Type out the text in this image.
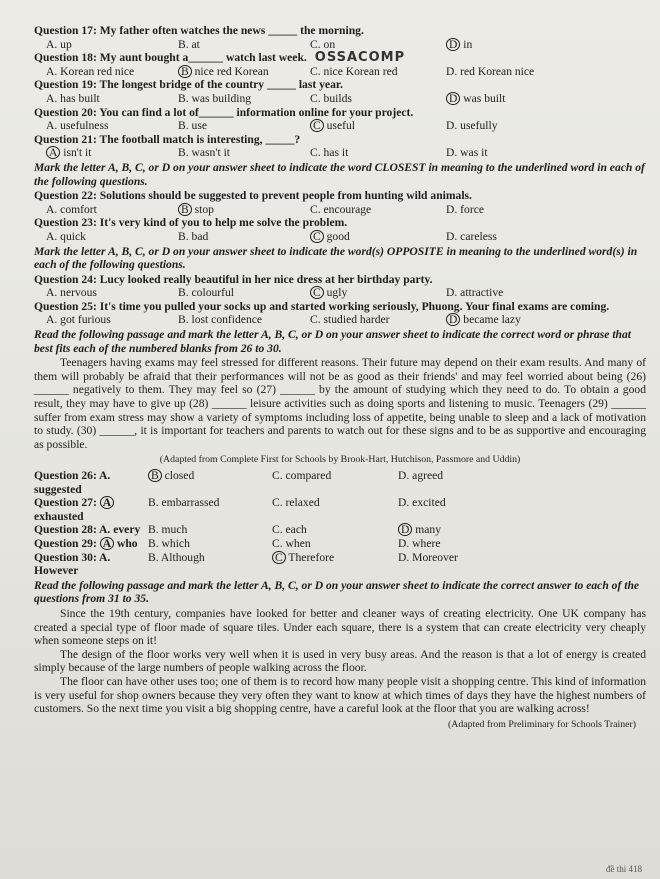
Question 17: My father often watches the news _____ the morning.
A. up	B. at	C. on	D in
Question 18: My aunt bought a______ watch last week. OSSACOMP
A. Korean red nice	B nice red Korean	C. nice Korean red	D. red Korean nice
Question 19: The longest bridge of the country _____ last year.
A. has built	B. was building	C. builds	D was built
Question 20: You can find a lot of______ information online for your project.
A. usefulness	B. use	C useful	D. usefully
Question 21: The football match is interesting, _____?
A isn't it	B. wasn't it	C. has it	D. was it
Mark the letter A, B, C, or D on your answer sheet to indicate the word CLOSEST in meaning to the underlined word in each of the following questions.
Question 22: Solutions should be suggested to prevent people from hunting wild animals.
A. comfort	B stop	C. encourage	D. force
Question 23: It's very kind of you to help me solve the problem.
A. quick	B. bad	C good	D. careless
Mark the letter A, B, C, or D on your answer sheet to indicate the word(s) OPPOSITE in meaning to the underlined word(s) in each of the following questions.
Question 24: Lucy looked really beautiful in her nice dress at her birthday party.
A. nervous	B. colourful	C ugly	D. attractive
Question 25: It's time you pulled your socks up and started working seriously, Phuong. Your final exams are coming.
A. got furious	B. lost confidence	C. studied harder	D became lazy
Read the following passage and mark the letter A, B, C, or D on your answer sheet to indicate the correct word or phrase that best fits each of the numbered blanks from 26 to 30.

Teenagers having exams may feel stressed for different reasons. Their future may depend on their exam results. And many of them will probably be afraid that their performances will not be as good as their friends' and may feel worried about being (26) ______ negatively to them. They may feel so (27) ______ by the amount of studying which they need to do. To obtain a good result, they may have to give up (28) ______ leisure activities such as doing sports and listening to music. Teenagers (29) ______ suffer from exam stress may show a variety of symptoms including loss of appetite, being unable to sleep and a lack of motivation to study. (30) ______, it is important for teachers and parents to watch out for these signs and to be as supportive and encouraging as possible.

(Adapted from Complete First for Schools by Brook-Hart, Hutchison, Passmore and Uddin)
Question 26: A. suggested
B closed	C. compared	D. agreed
Question 27: A exhausted
B. embarrassed	C. relaxed	D. excited
Question 28: A. every B. much	C. each	D many
Question 29: A who B. which	C. when	D. where
Question 30: A. However
B. Although	C Therefore	D. Moreover
Read the following passage and mark the letter A, B, C, or D on your answer sheet to indicate the correct answer to each of the questions from 31 to 35.

Since the 19th century, companies have looked for better and cleaner ways of creating electricity. One UK company has created a special type of floor made of square tiles. Under each square, there is a system that can create electricity very cheaply when someone steps on it!

The design of the floor works very well when it is used in very busy areas. And the reason is that a lot of energy is created simply because of the large numbers of people walking across the floor.

The floor can have other uses too; one of them is to record how many people visit a shopping centre. This kind of information is very useful for shop owners because they very often they want to know at which times of days they have the highest numbers of customers. So the next time you visit a big shopping centre, have a careful look at the floor that you are walking across!

(Adapted from Preliminary for Schools Trainer)
đề thi 418
